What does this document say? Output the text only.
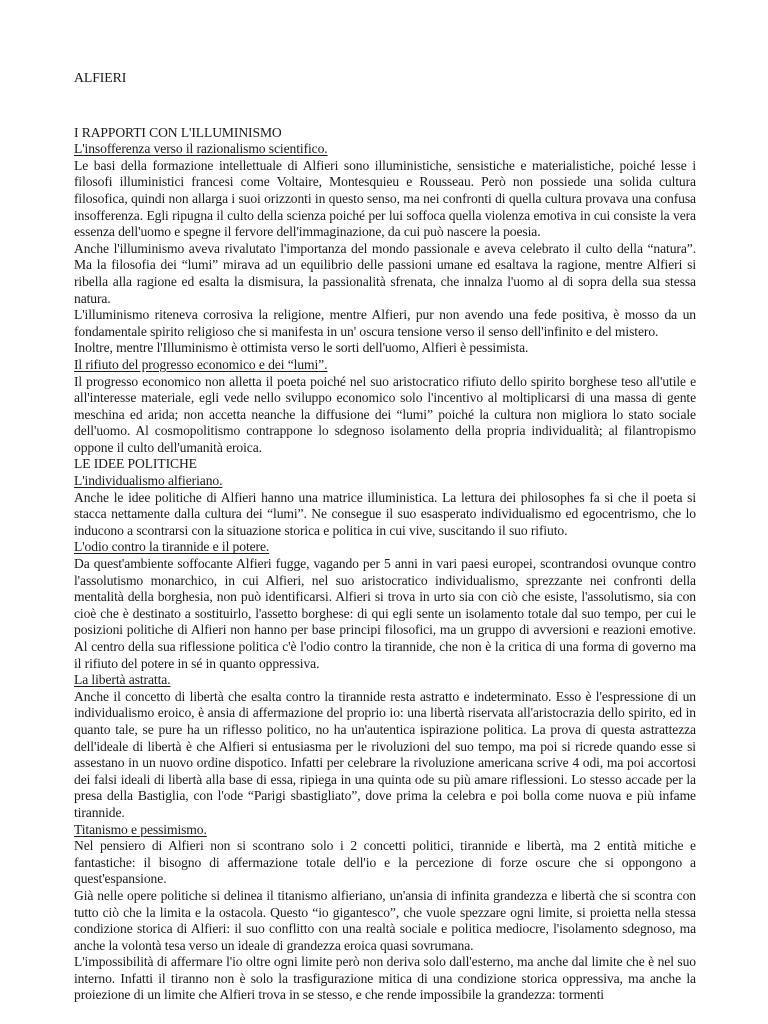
ALFIERI

I RAPPORTI CON L'ILLUMINISMO

L'insofferenza verso il razionalismo scientifico.

Le basi della formazione intellettuale di Alfieri sono illuministiche, sensistiche e materialistiche, poiché lesse i filosofi illuministici francesi come Voltaire, Montesquieu e Rousseau. Però non possiede una solida cultura filosofica, quindi non allarga i suoi orizzonti in questo senso, ma nei confronti di quella cultura provava una confusa insofferenza. Egli ripugna il culto della scienza poiché per lui soffoca quella violenza emotiva in cui consiste la vera essenza dell'uomo e spegne il fervore dell'immaginazione, da cui può nascere la poesia.

Anche l'illuminismo aveva rivalutato l'importanza del mondo passionale e aveva celebrato il culto della “natura”. Ma la filosofia dei “lumi” mirava ad un equilibrio delle passioni umane ed esaltava la ragione, mentre Alfieri si ribella alla ragione ed esalta la dismisura, la passionalità sfrenata, che innalza l'uomo al di sopra della sua stessa natura.

L'illuminismo riteneva corrosiva la religione, mentre Alfieri, pur non avendo una fede positiva, è mosso da un fondamentale spirito religioso che si manifesta in un' oscura tensione verso il senso dell'infinito e del mistero.

Inoltre, mentre l'Illuminismo è ottimista verso le sorti dell'uomo, Alfieri è pessimista.

Il rifiuto del progresso economico e dei “lumi”.

Il progresso economico non alletta il poeta poiché nel suo aristocratico rifiuto dello spirito borghese teso all'utile e all'interesse materiale, egli vede nello sviluppo economico solo l'incentivo al moltiplicarsi di una massa di gente meschina ed arida; non accetta neanche la diffusione dei “lumi” poiché la cultura non migliora lo stato sociale dell'uomo. Al cosmopolitismo contrappone lo sdegnoso isolamento della propria individualità; al filantropismo oppone il culto dell'umanità eroica.

LE IDEE POLITICHE

L'individualismo alfieriano.

Anche le idee politiche di Alfieri hanno una matrice illuministica. La lettura dei philosophes fa si che il poeta si stacca nettamente dalla cultura dei “lumi”. Ne consegue il suo esasperato individualismo ed egocentrismo, che lo inducono a scontrarsi con la situazione storica e politica in cui vive, suscitando il suo rifiuto.

L'odio contro la tirannide e il potere.

Da quest'ambiente soffocante Alfieri fugge, vagando per 5 anni in vari paesi europei, scontrandosi ovunque contro l'assolutismo monarchico, in cui Alfieri, nel suo aristocratico individualismo, sprezzante nei confronti della mentalità della borghesia, non può identificarsi. Alfieri si trova in urto sia con ciò che esiste, l'assolutismo, sia con cioè che è destinato a sostituirlo, l'assetto borghese: di qui egli sente un isolamento totale dal suo tempo, per cui le posizioni politiche di Alfieri non hanno per base principi filosofici, ma un gruppo di avversioni e reazioni emotive. Al centro della sua riflessione politica c'è l'odio contro la tirannide, che non è la critica di una forma di governo ma il rifiuto del potere in sé in quanto oppressiva.

La libertà astratta.

Anche il concetto di libertà che esalta contro la tirannide resta astratto e indeterminato. Esso è l'espressione di un individualismo eroico, è ansia di affermazione del proprio io: una libertà riservata all'aristocrazia dello spirito, ed in quanto tale, se pure ha un riflesso politico, no ha un'autentica ispirazione politica. La prova di questa astrattezza dell'ideale di libertà è che Alfieri si entusiasma per le rivoluzioni del suo tempo, ma poi si ricrede quando esse si assestano in un nuovo ordine dispotico. Infatti per celebrare la rivoluzione americana scrive 4 odi, ma poi accortosi dei falsi ideali di libertà alla base di essa, ripiega in una quinta ode su più amare riflessioni. Lo stesso accade per la presa della Bastiglia, con l'ode “Parigi sbastigliato”, dove prima la celebra e poi bolla come nuova e più infame tirannide.

Titanismo e pessimismo.

Nel pensiero di Alfieri non si scontrano solo i 2 concetti politici, tirannide e libertà, ma 2 entità mitiche e fantastiche: il bisogno di affermazione totale dell'io e la percezione di forze oscure che si oppongono a quest'espansione.

Già nelle opere politiche si delinea il titanismo alfieriano, un'ansia di infinita grandezza e libertà che si scontra con tutto ciò che la limita e la ostacola. Questo “io gigantesco”, che vuole spezzare ogni limite, si proietta nella stessa condizione storica di Alfieri: il suo conflitto con una realtà sociale e politica mediocre, l'isolamento sdegnoso, ma anche la volontà tesa verso un ideale di grandezza eroica quasi sovrumana.

L'impossibilità di affermare l'io oltre ogni limite però non deriva solo dall'esterno, ma anche dal limite che è nel suo interno. Infatti il tiranno non è solo la trasfigurazione mitica di una condizione storica oppressiva, ma anche la proiezione di un limite che Alfieri trova in se stesso, e che rende impossibile la grandezza: tormenti
